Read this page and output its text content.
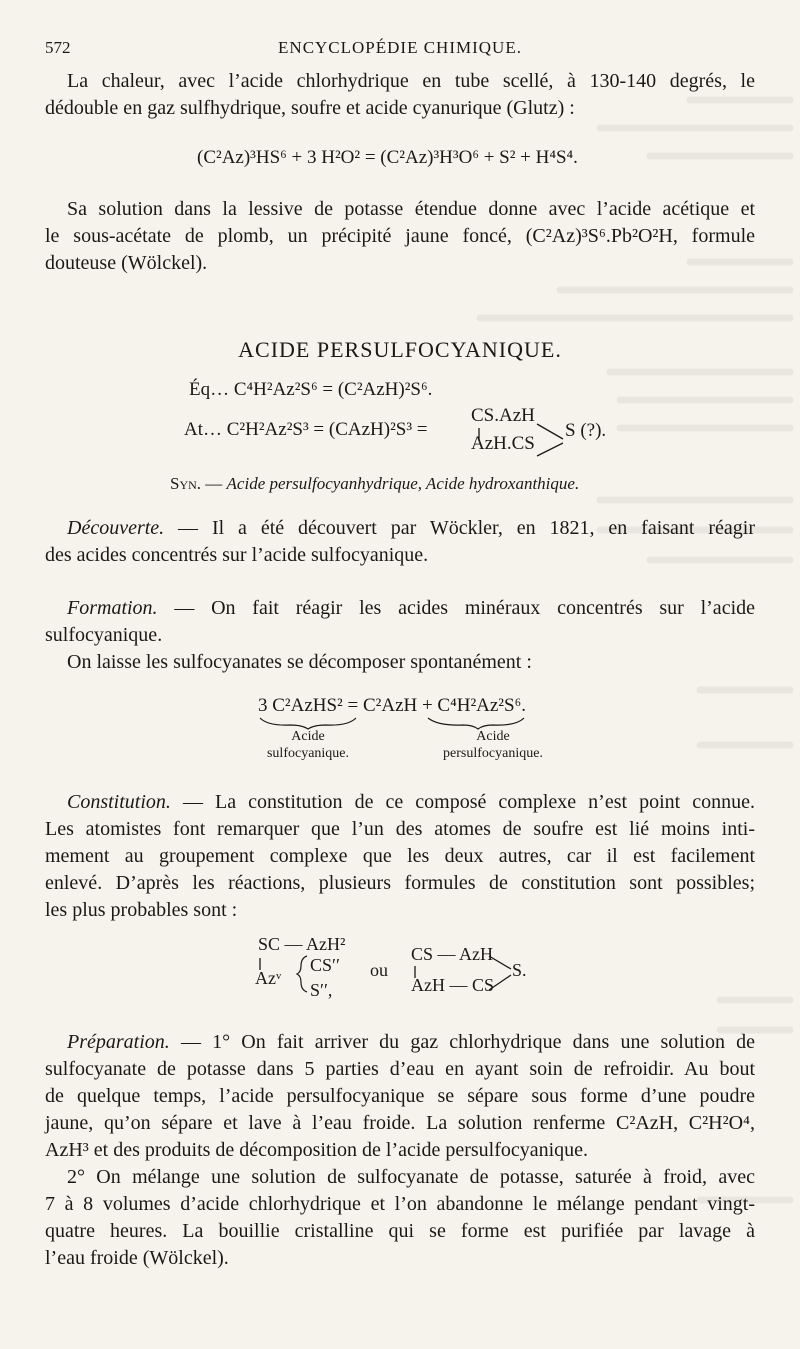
572	ENCYCLOPÉDIE CHIMIQUE.
La chaleur, avec l’acide chlorhydrique en tube scellé, à 130-140 degrés, le
dédouble en gaz sulfhydrique, soufre et acide cyanurique (Glutz) :
(C²Az)³HS⁶ + 3 H²O² = (C²Az)³H³O⁶ + S² + H⁴S⁴.
Sa solution dans la lessive de potasse étendue donne avec l’acide acétique et
le sous-acétate de plomb, un précipité jaune foncé, (C²Az)³S⁶.Pb²O²H, formule
douteuse (Wölckel).
ACIDE PERSULFOCYANIQUE.
Éq… C⁴H²Az²S⁶ = (C²AzH)²S⁶.
At… C²H²Az²S³ = (CAzH)²S³ =
CS.AzH
AzH.CS
S (?).
Syn. — Acide persulfocyanhydrique, Acide hydroxanthique.
Découverte. — Il a été découvert par Wöckler, en 1821, en faisant réagir
des acides concentrés sur l’acide sulfocyanique.
Formation. — On fait réagir les acides minéraux concentrés sur l’acide
sulfocyanique.
On laisse les sulfocyanates se décomposer spontanément :
3 C²AzHS² = C²AzH + C⁴H²Az²S⁶.
Acide
sulfocyanique.
Acide
persulfocyanique.
Constitution. — La constitution de ce composé complexe n’est point connue.
Les atomistes font remarquer que l’un des atomes de soufre est lié moins inti-
mement au groupement complexe que les deux autres, car il est facilement
enlevé. D’après les réactions, plusieurs formules de constitution sont possibles;
les plus probables sont :
SC — AzH²
Azᵛ
CS′′
S′′,
ou
CS — AzH
AzH — CS
S.
Préparation. — 1° On fait arriver du gaz chlorhydrique dans une solution de
sulfocyanate de potasse dans 5 parties d’eau en ayant soin de refroidir. Au bout
de quelque temps, l’acide persulfocyanique se sépare sous forme d’une poudre
jaune, qu’on sépare et lave à l’eau froide. La solution renferme C²AzH, C²H²O⁴,
AzH³ et des produits de décomposition de l’acide persulfocyanique.
2° On mélange une solution de sulfocyanate de potasse, saturée à froid, avec
7 à 8 volumes d’acide chlorhydrique et l’on abandonne le mélange pendant vingt-
quatre heures. La bouillie cristalline qui se forme est purifiée par lavage à
l’eau froide (Wölckel).
